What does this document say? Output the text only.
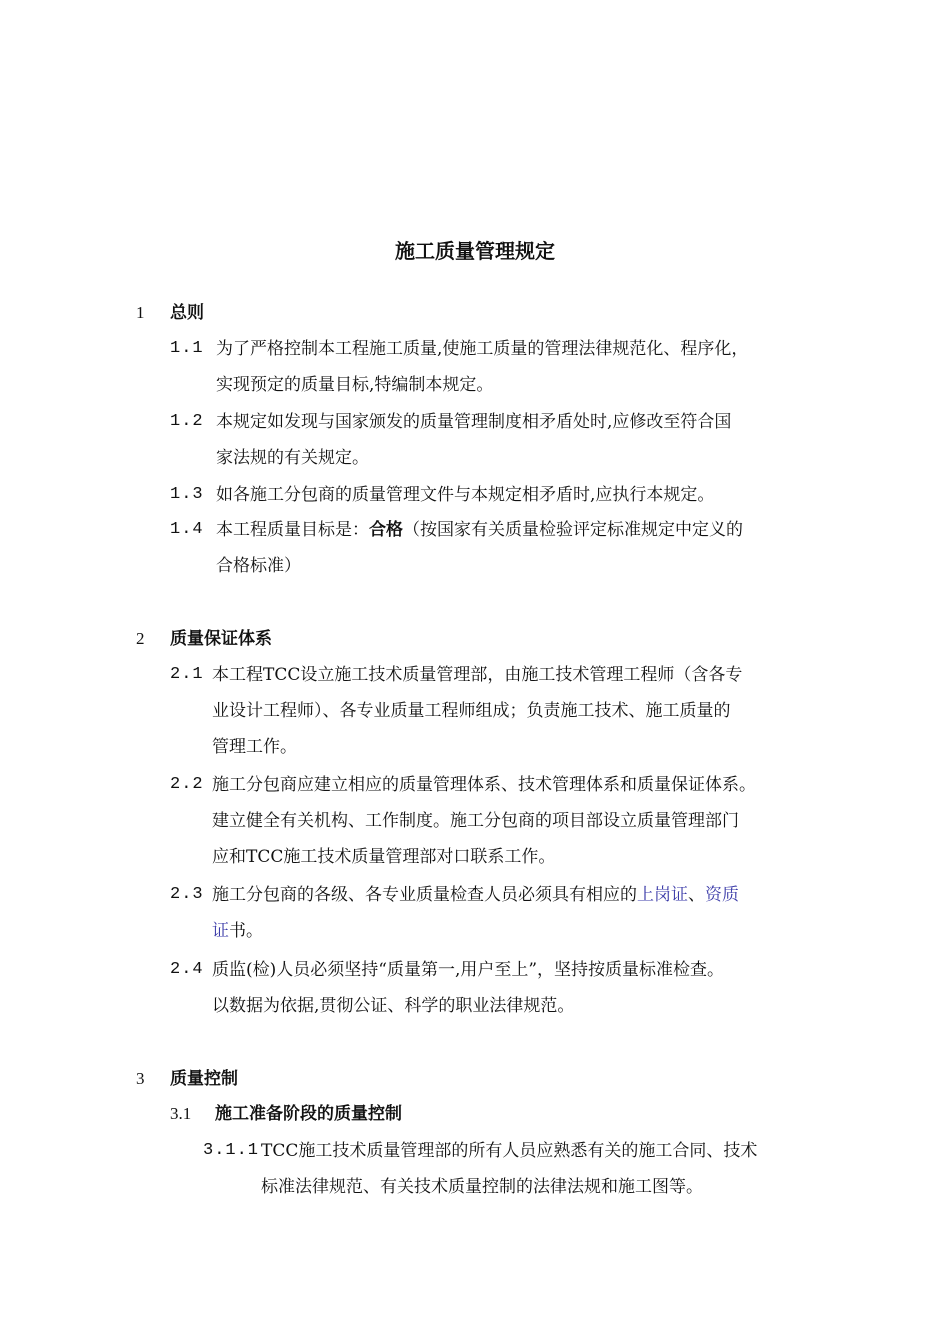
施工质量管理规定
1 总则
1.1 为了严格控制本工程施工质量,使施工质量的管理法律规范化、程序化，
实现预定的质量目标,特编制本规定。
1.2 本规定如发现与国家颁发的质量管理制度相矛盾处时,应修改至符合国
家法规的有关规定。
1.3 如各施工分包商的质量管理文件与本规定相矛盾时,应执行本规定。
1.4 本工程质量目标是：合格（按国家有关质量检验评定标准规定中定义的
合格标准）
2 质量保证体系
2.1 本工程TCC设立施工技术质量管理部，由施工技术管理工程师（含各专
业设计工程师）、各专业质量工程师组成；负责施工技术、施工质量的
管理工作。
2.2 施工分包商应建立相应的质量管理体系、技术管理体系和质量保证体系。
建立健全有关机构、工作制度。施工分包商的项目部设立质量管理部门
应和TCC施工技术质量管理部对口联系工作。
2.3 施工分包商的各级、各专业质量检查人员必须具有相应的上岗证、资质
证书。
2.4 质监(检)人员必须坚持“质量第一,用户至上”，坚持按质量标准检查。
以数据为依据,贯彻公证、科学的职业法律规范。
3 质量控制
3.1 施工准备阶段的质量控制
3.1.1 TCC施工技术质量管理部的所有人员应熟悉有关的施工合同、技术
标准法律规范、有关技术质量控制的法律法规和施工图等。
